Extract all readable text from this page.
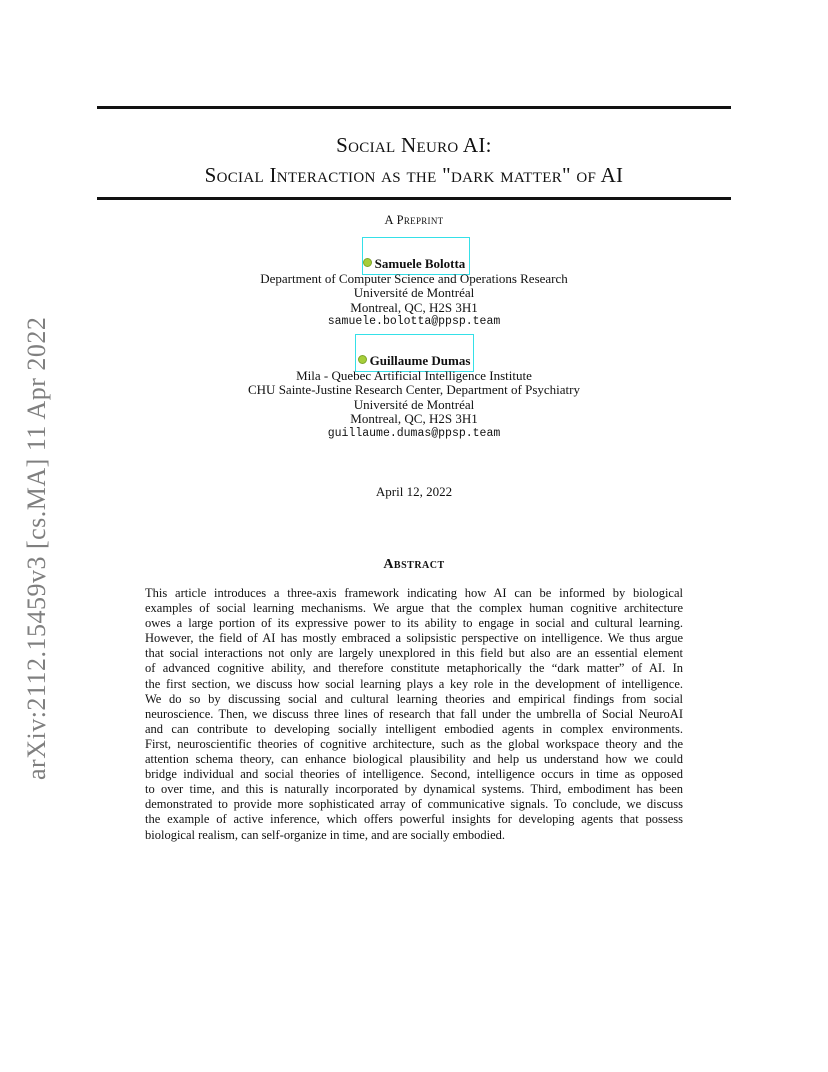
arXiv:2112.15459v3 [cs.MA] 11 Apr 2022
Social Neuro AI:
Social Interaction as the "dark matter" of AI
A Preprint
Samuele Bolotta
Department of Computer Science and Operations Research
Université de Montréal
Montreal, QC, H2S 3H1
samuele.bolotta@ppsp.team
Guillaume Dumas
Mila - Quebec Artificial Intelligence Institute
CHU Sainte-Justine Research Center, Department of Psychiatry
Université de Montréal
Montreal, QC, H2S 3H1
guillaume.dumas@ppsp.team
April 12, 2022
Abstract
This article introduces a three-axis framework indicating how AI can be informed by biological
examples of social learning mechanisms. We argue that the complex human cognitive architecture
owes a large portion of its expressive power to its ability to engage in social and cultural learning.
However, the field of AI has mostly embraced a solipsistic perspective on intelligence. We thus argue
that social interactions not only are largely unexplored in this field but also are an essential element
of advanced cognitive ability, and therefore constitute metaphorically the “dark matter” of AI. In
the first section, we discuss how social learning plays a key role in the development of intelligence.
We do so by discussing social and cultural learning theories and empirical findings from social
neuroscience. Then, we discuss three lines of research that fall under the umbrella of Social NeuroAI
and can contribute to developing socially intelligent embodied agents in complex environments.
First, neuroscientific theories of cognitive architecture, such as the global workspace theory and the
attention schema theory, can enhance biological plausibility and help us understand how we could
bridge individual and social theories of intelligence. Second, intelligence occurs in time as opposed
to over time, and this is naturally incorporated by dynamical systems. Third, embodiment has been
demonstrated to provide more sophisticated array of communicative signals. To conclude, we discuss
the example of active inference, which offers powerful insights for developing agents that possess
biological realism, can self-organize in time, and are socially embodied.
